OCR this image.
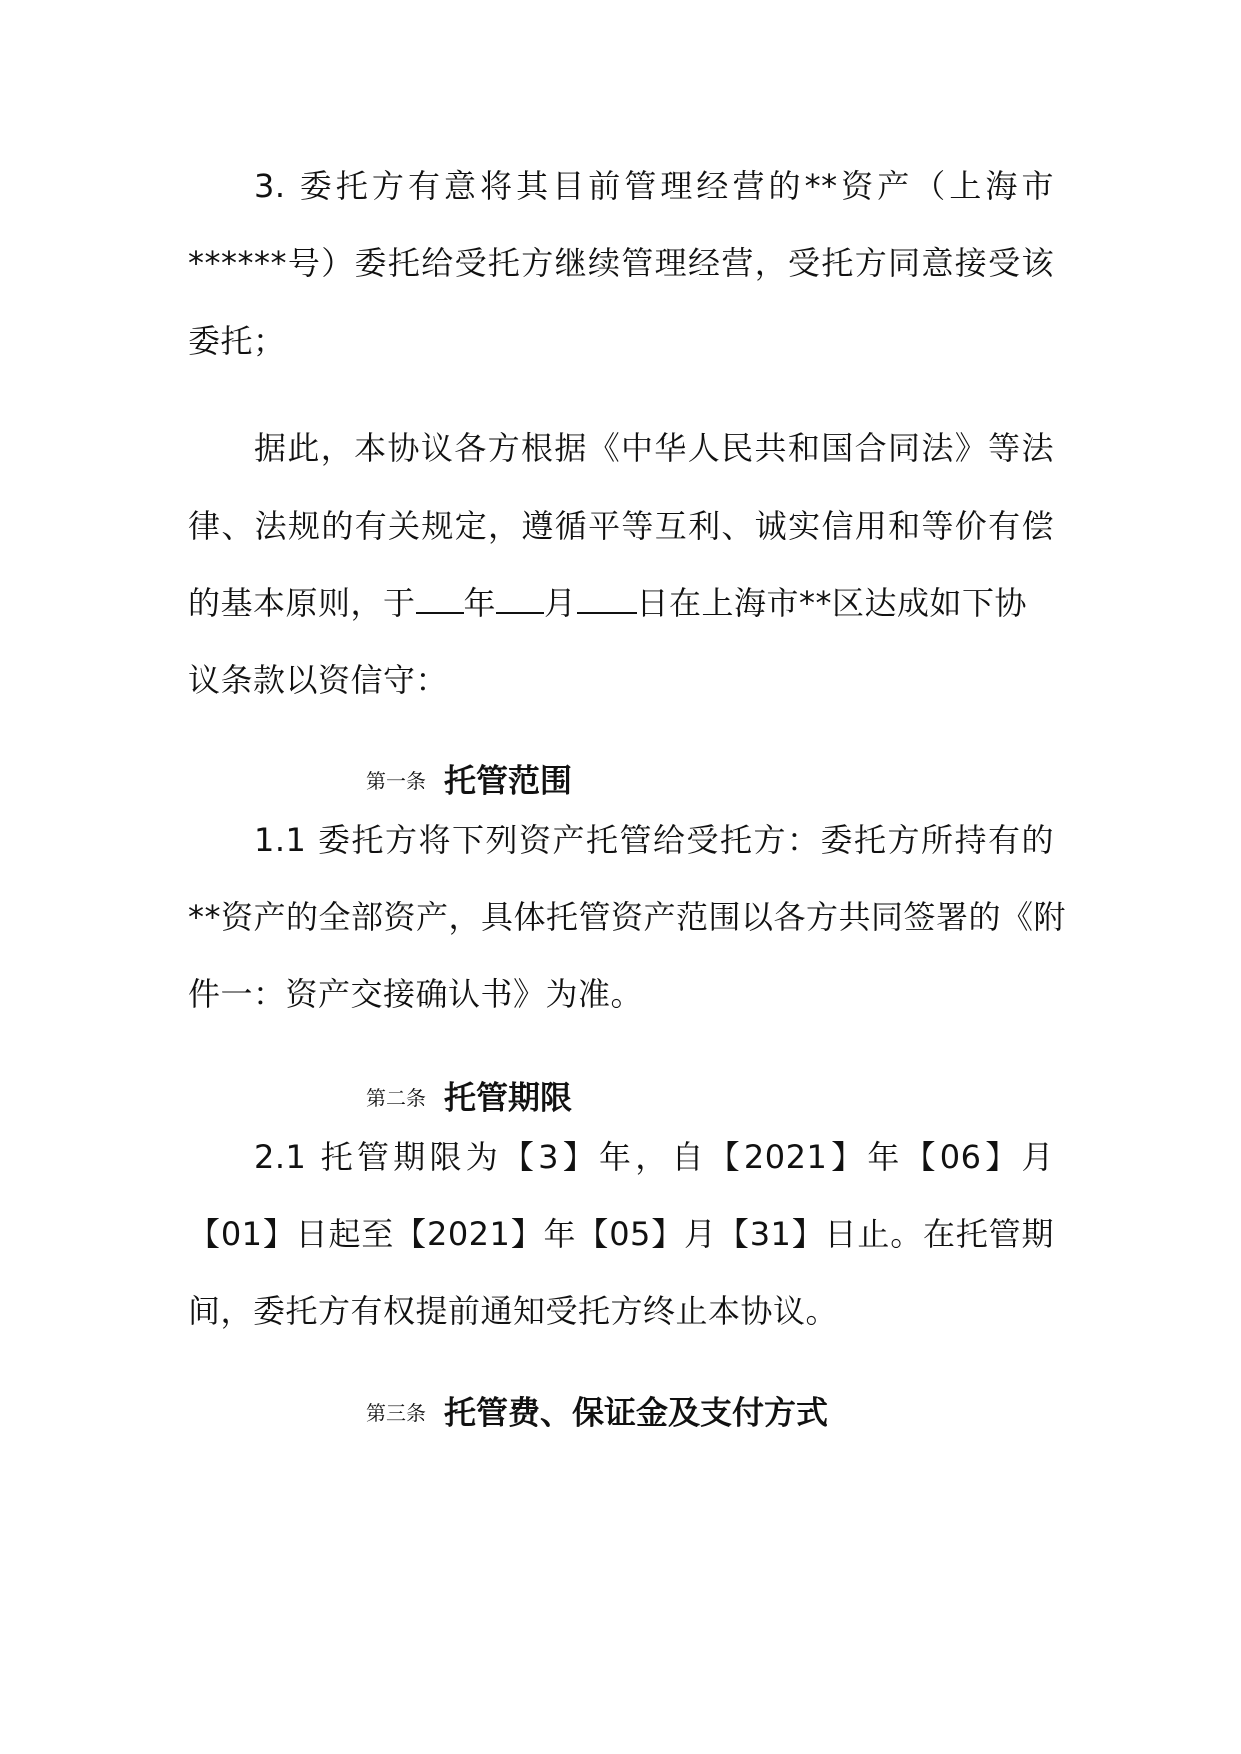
3. 委托方有意将其目前管理经营的**资产（上海市
******号）委托给受托方继续管理经营，受托方同意接受该
委托；
据此，本协议各方根据《中华人民共和国合同法》等法
律、法规的有关规定，遵循平等互利、诚实信用和等价有偿
的基本原则，于 年 月 日在上海市**区达成如下协
议条款以资信守：
第一条 托管范围
1.1 委托方将下列资产托管给受托方：委托方所持有的
**资产的全部资产，具体托管资产范围以各方共同签署的《附
件一：资产交接确认书》为准。
第二条 托管期限
2.1 托管期限为【3】年，自【2021】年【06】月
【01】日起至【2021】年【05】月【31】日止。在托管期
间，委托方有权提前通知受托方终止本协议。
第三条 托管费、保证金及支付方式
